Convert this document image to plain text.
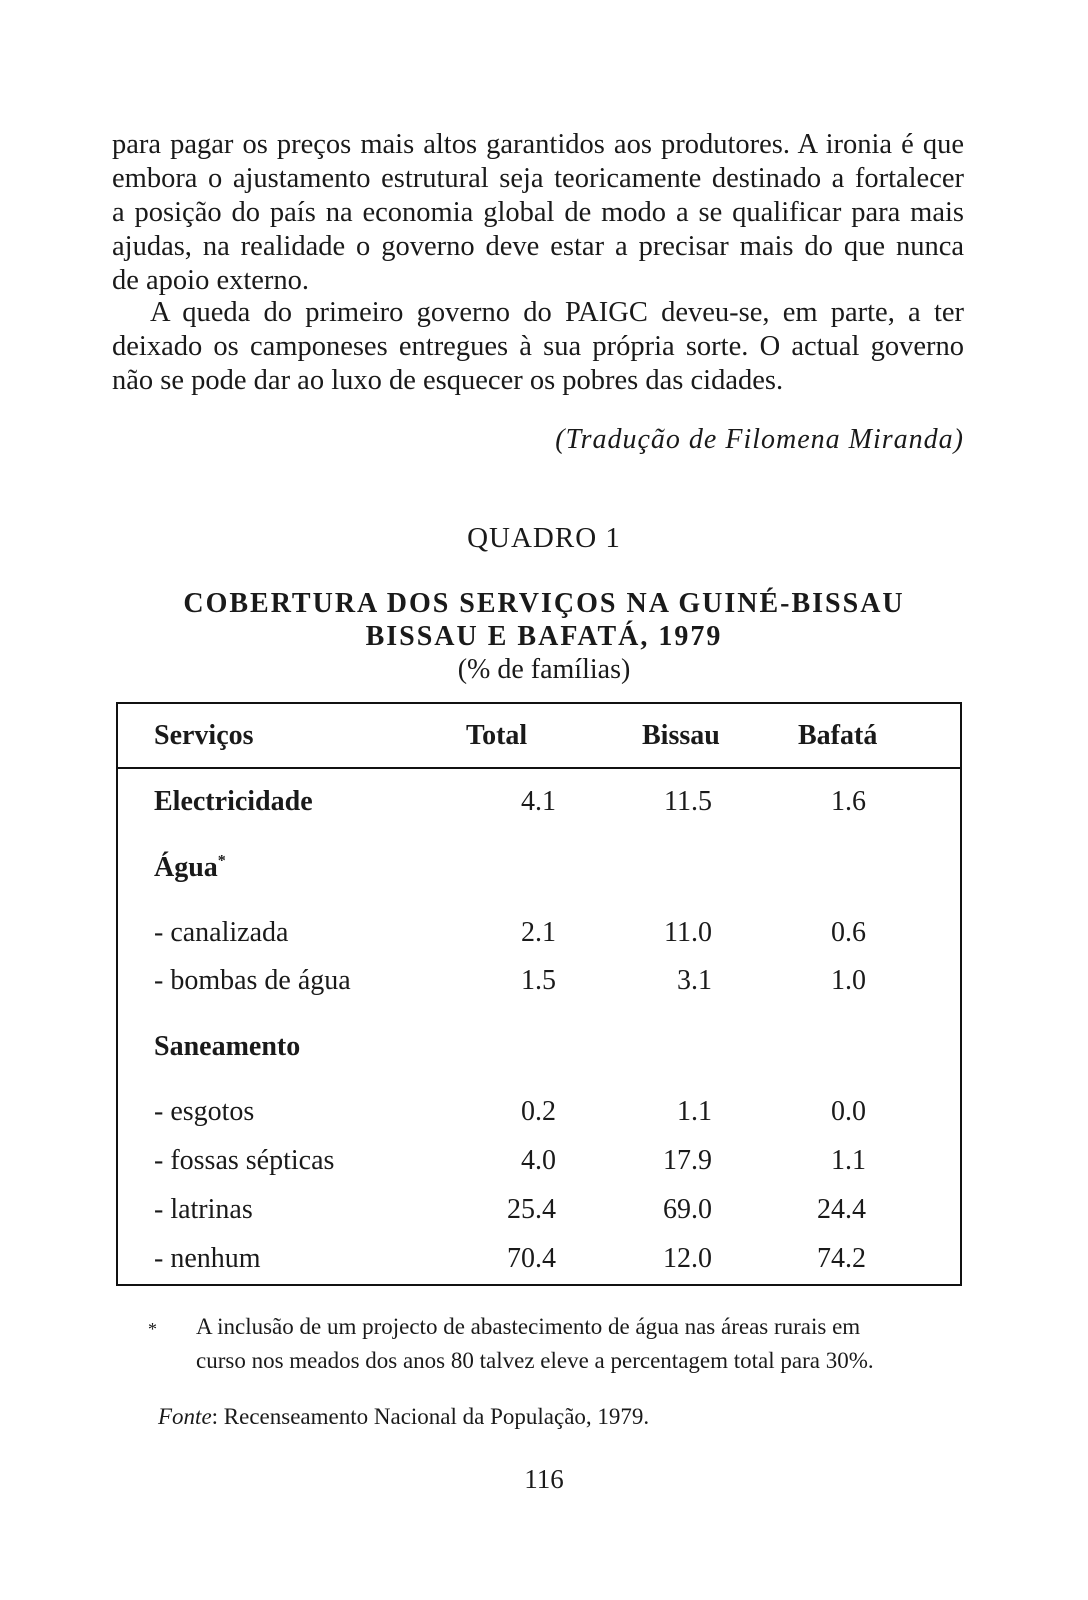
para pagar os preços mais altos garantidos aos produtores. A ironia é que
embora o ajustamento estrutural seja teoricamente destinado a fortalecer
a posição do país na economia global de modo a se qualificar para mais
ajudas, na realidade o governo deve estar a precisar mais do que nunca
de apoio externo.
A queda do primeiro governo do PAIGC deveu-se, em parte, a ter
deixado os camponeses entregues à sua própria sorte. O actual governo
não se pode dar ao luxo de esquecer os pobres das cidades.

(Tradução de Filomena Miranda)

QUADRO 1

COBERTURA DOS SERVIÇOS NA GUINÉ-BISSAU

BISSAU E BAFATÁ, 1979

(% de famílias)

Serviços	Total	Bissau	Bafatá
Electricidade	4.1	11.5	1.6
Água*
- canalizada	2.1	11.0	0.6
- bombas de água	1.5	3.1	1.0
Saneamento
- esgotos	0.2	1.1	0.0
- fossas sépticas	4.0	17.9	1.1
- latrinas	25.4	69.0	24.4
- nenhum	70.4	12.0	74.2
* A inclusão de um projecto de abastecimento de água nas áreas rurais em
curso nos meados dos anos 80 talvez eleve a percentagem total para 30%.

Fonte: Recenseamento Nacional da População, 1979.

116
